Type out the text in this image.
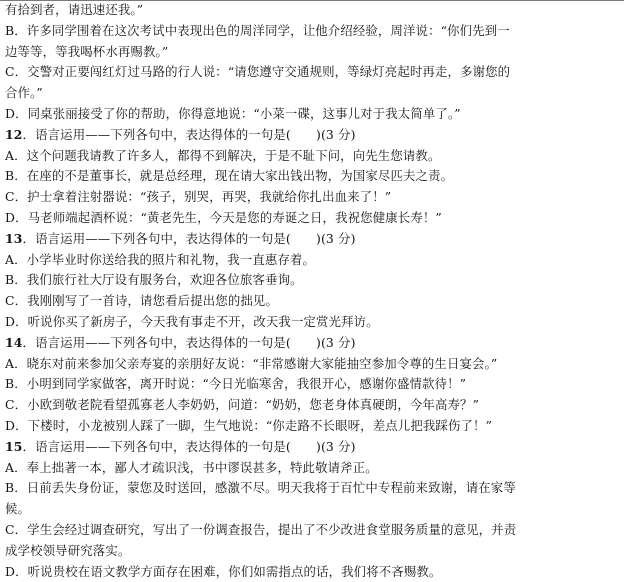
有拾到者，请迅速还我。”
B．许多同学围着在这次考试中表现出色的周洋同学，让他介绍经验，周洋说：“你们先到一
边等等，等我喝杯水再赐教。”
C．交警对正要闯红灯过马路的行人说：“请您遵守交通规则，等绿灯亮起时再走，多谢您的
合作。”
D．同桌张丽接受了你的帮助，你得意地说：“小菜一碟，这事儿对于我太简单了。”
12．语言运用——下列各句中，表达得体的一句是(　　)(3 分)
A．这个问题我请教了许多人，都得不到解决，于是不耻下问，向先生您请教。
B．在座的不是董事长，就是总经理，现在请大家出钱出物，为国家尽匹夫之责。
C．护士拿着注射器说：“孩子，别哭，再哭，我就给你扎出血来了！”
D．马老师端起酒杯说：“黄老先生，今天是您的寿诞之日，我祝您健康长寿！”
13．语言运用——下列各句中，表达得体的一句是(　　)(3 分)
A．小学毕业时你送给我的照片和礼物，我一直惠存着。
B．我们旅行社大厅设有服务台，欢迎各位旅客垂询。
C．我刚刚写了一首诗，请您看后提出您的拙见。
D．听说你买了新房子，今天我有事走不开，改天我一定赏光拜访。
14．语言运用——下列各句中，表达得体的一句是(　　)(3 分)
A．晓东对前来参加父亲寿宴的亲朋好友说：“非常感谢大家能抽空参加令尊的生日宴会。”
B．小明到同学家做客，离开时说：“今日光临寒舍，我很开心，感谢你盛情款待！”
C．小欧到敬老院看望孤寡老人李奶奶，问道：“奶奶，您老身体真硬朗，今年高寿？”
D．下楼时，小龙被别人踩了一脚，生气地说：“你走路不长眼呀，差点儿把我踩伤了！”
15．语言运用——下列各句中，表达得体的一句是(　　)(3 分)
A．奉上拙著一本，鄙人才疏识浅，书中谬误甚多，特此敬请斧正。
B．日前丢失身份证，蒙您及时送回，感激不尽。明天我将于百忙中专程前来致谢，请在家等
候。
C．学生会经过调查研究，写出了一份调查报告，提出了不少改进食堂服务质量的意见，并责
成学校领导研究落实。
D．听说贵校在语文教学方面存在困难，你们如需指点的话，我们将不吝赐教。
